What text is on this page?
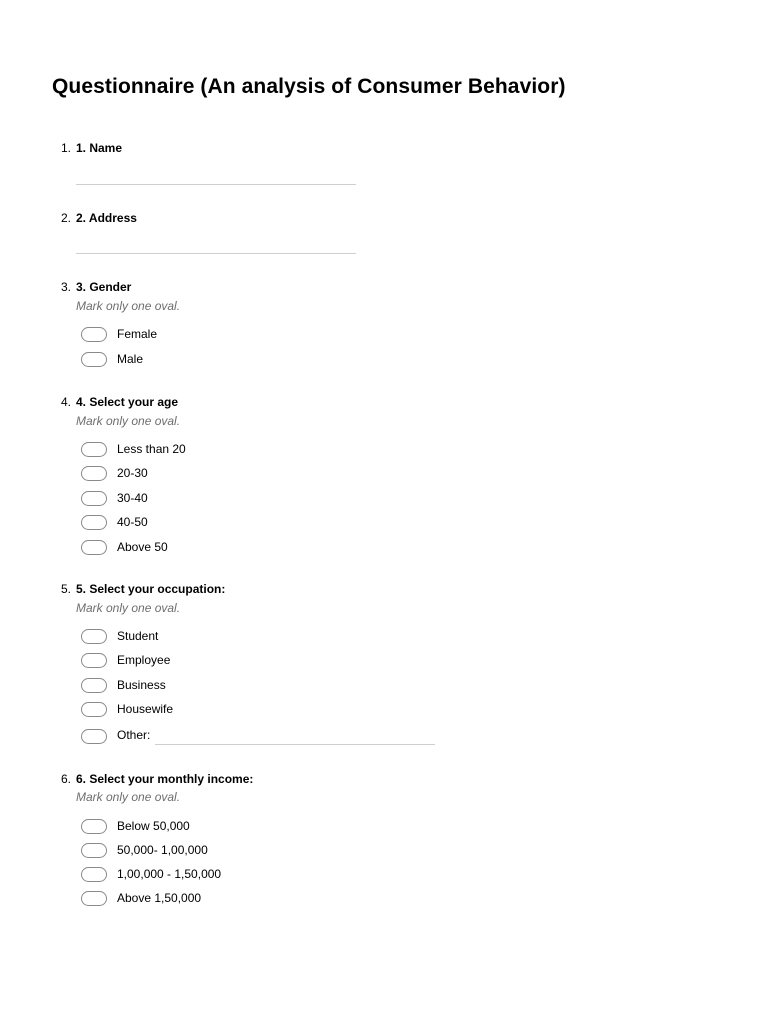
Questionnaire (An analysis of Consumer Behavior)
1. 1. Name
2. 2. Address
3. 3. Gender
Mark only one oval.
Female
Male
4. 4. Select your age
Mark only one oval.
Less than 20
20-30
30-40
40-50
Above 50
5. 5. Select your occupation:
Mark only one oval.
Student
Employee
Business
Housewife
Other:
6. 6. Select your monthly income:
Mark only one oval.
Below 50,000
50,000- 1,00,000
1,00,000 - 1,50,000
Above 1,50,000
